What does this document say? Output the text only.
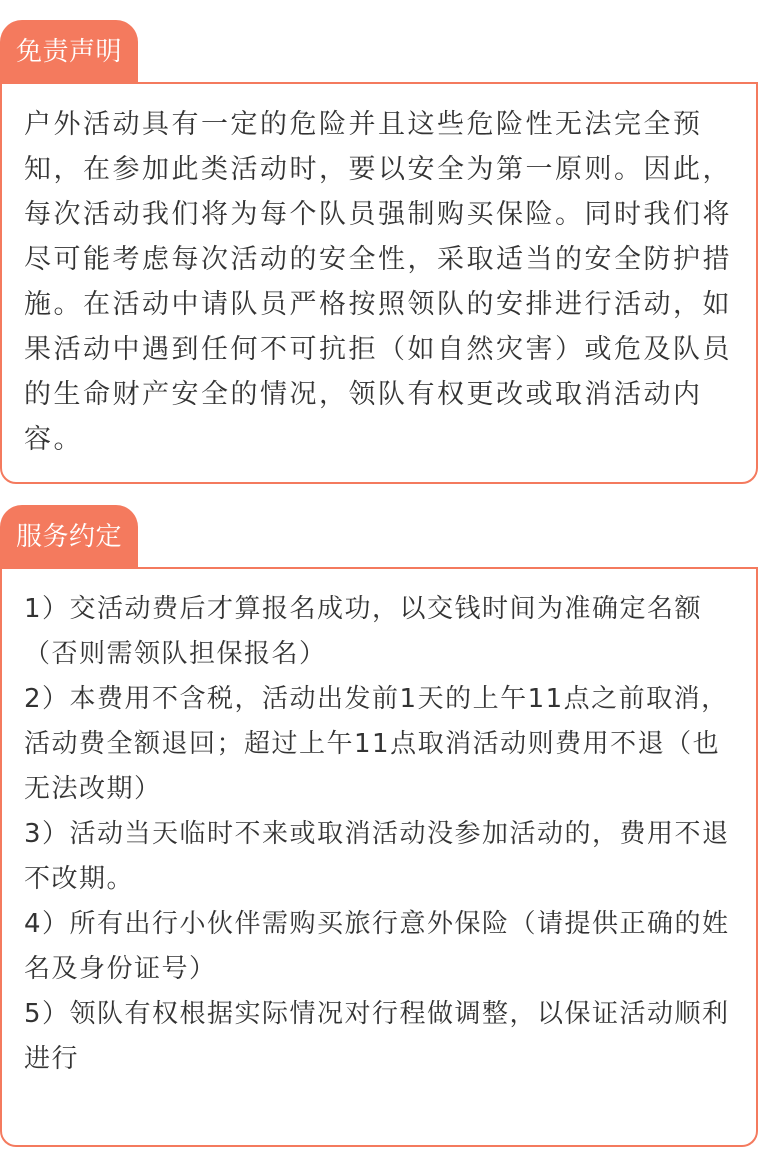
免责声明
户外活动具有一定的危险并且这些危险性无法完全预知，在参加此类活动时，要以安全为第一原则。因此，每次活动我们将为每个队员强制购买保险。同时我们将尽可能考虑每次活动的安全性，采取适当的安全防护措施。在活动中请队员严格按照领队的安排进行活动，如果活动中遇到任何不可抗拒（如自然灾害）或危及队员的生命财产安全的情况，领队有权更改或取消活动内容。
服务约定
1）交活动费后才算报名成功，以交钱时间为准确定名额（否则需领队担保报名）
2）本费用不含税，活动出发前1天的上午11点之前取消，活动费全额退回；超过上午11点取消活动则费用不退（也无法改期）
3）活动当天临时不来或取消活动没参加活动的，费用不退不改期。
4）所有出行小伙伴需购买旅行意外保险（请提供正确的姓名及身份证号）
5）领队有权根据实际情况对行程做调整，以保证活动顺利进行
